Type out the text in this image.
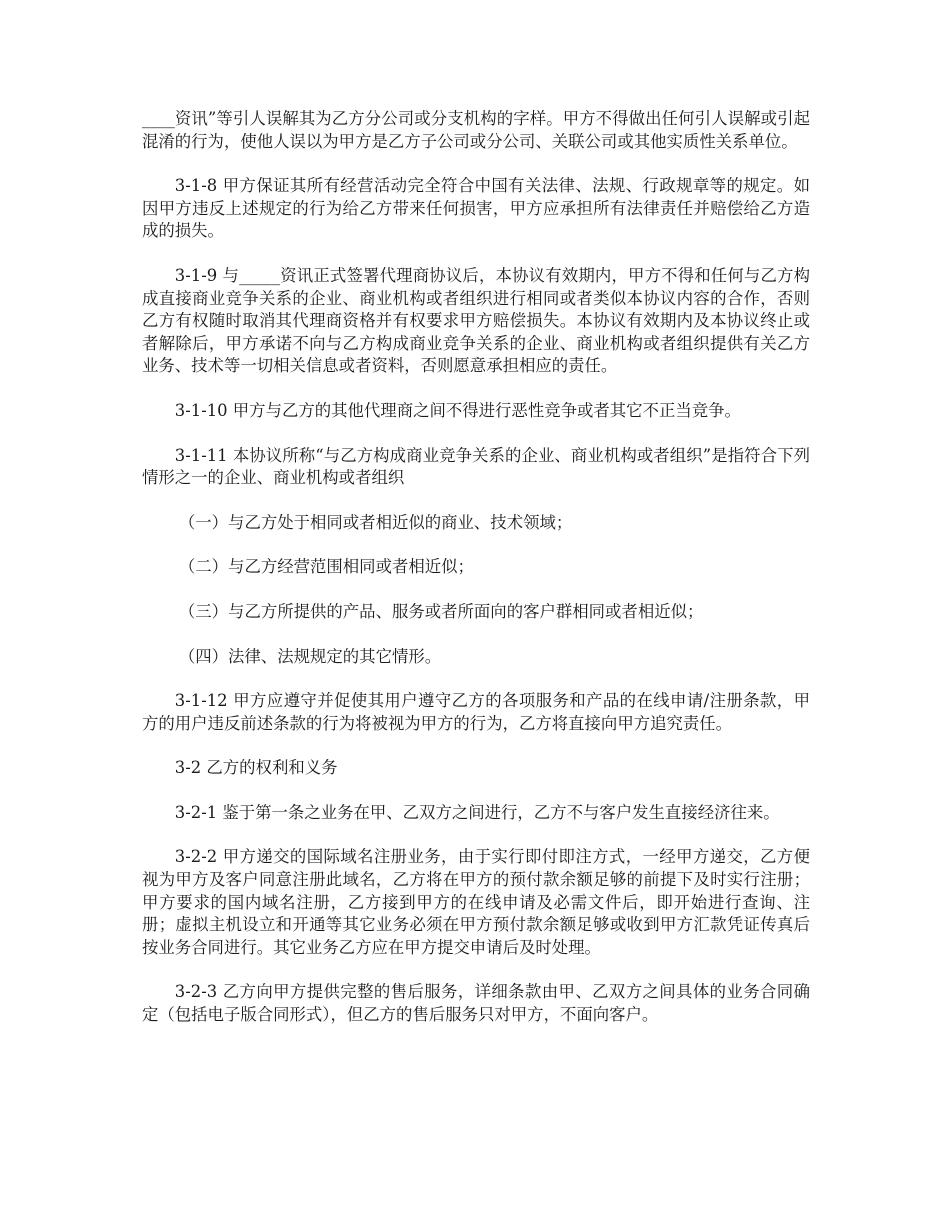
____资讯”等引人误解其为乙方分公司或分支机构的字样。甲方不得做出任何引人误解或引起混淆的行为，使他人误以为甲方是乙方子公司或分公司、关联公司或其他实质性关系单位。

3-1-8 甲方保证其所有经营活动完全符合中国有关法律、法规、行政规章等的规定。如因甲方违反上述规定的行为给乙方带来任何损害，甲方应承担所有法律责任并赔偿给乙方造成的损失。

3-1-9 与_____资讯正式签署代理商协议后，本协议有效期内，甲方不得和任何与乙方构成直接商业竞争关系的企业、商业机构或者组织进行相同或者类似本协议内容的合作，否则乙方有权随时取消其代理商资格并有权要求甲方赔偿损失。本协议有效期内及本协议终止或者解除后，甲方承诺不向与乙方构成商业竞争关系的企业、商业机构或者组织提供有关乙方业务、技术等一切相关信息或者资料，否则愿意承担相应的责任。

3-1-10 甲方与乙方的其他代理商之间不得进行恶性竞争或者其它不正当竞争。

3-1-11 本协议所称“与乙方构成商业竞争关系的企业、商业机构或者组织”是指符合下列情形之一的企业、商业机构或者组织

（一）与乙方处于相同或者相近似的商业、技术领域；

（二）与乙方经营范围相同或者相近似；

（三）与乙方所提供的产品、服务或者所面向的客户群相同或者相近似；

（四）法律、法规规定的其它情形。

3-1-12 甲方应遵守并促使其用户遵守乙方的各项服务和产品的在线申请/注册条款，甲方的用户违反前述条款的行为将被视为甲方的行为，乙方将直接向甲方追究责任。

3-2 乙方的权利和义务

3-2-1 鉴于第一条之业务在甲、乙双方之间进行，乙方不与客户发生直接经济往来。

3-2-2 甲方递交的国际域名注册业务，由于实行即付即注方式，一经甲方递交，乙方便视为甲方及客户同意注册此域名，乙方将在甲方的预付款余额足够的前提下及时实行注册；甲方要求的国内域名注册，乙方接到甲方的在线申请及必需文件后，即开始进行查询、注册；虚拟主机设立和开通等其它业务必须在甲方预付款余额足够或收到甲方汇款凭证传真后按业务合同进行。其它业务乙方应在甲方提交申请后及时处理。

3-2-3 乙方向甲方提供完整的售后服务，详细条款由甲、乙双方之间具体的业务合同确定（包括电子版合同形式），但乙方的售后服务只对甲方，不面向客户。
